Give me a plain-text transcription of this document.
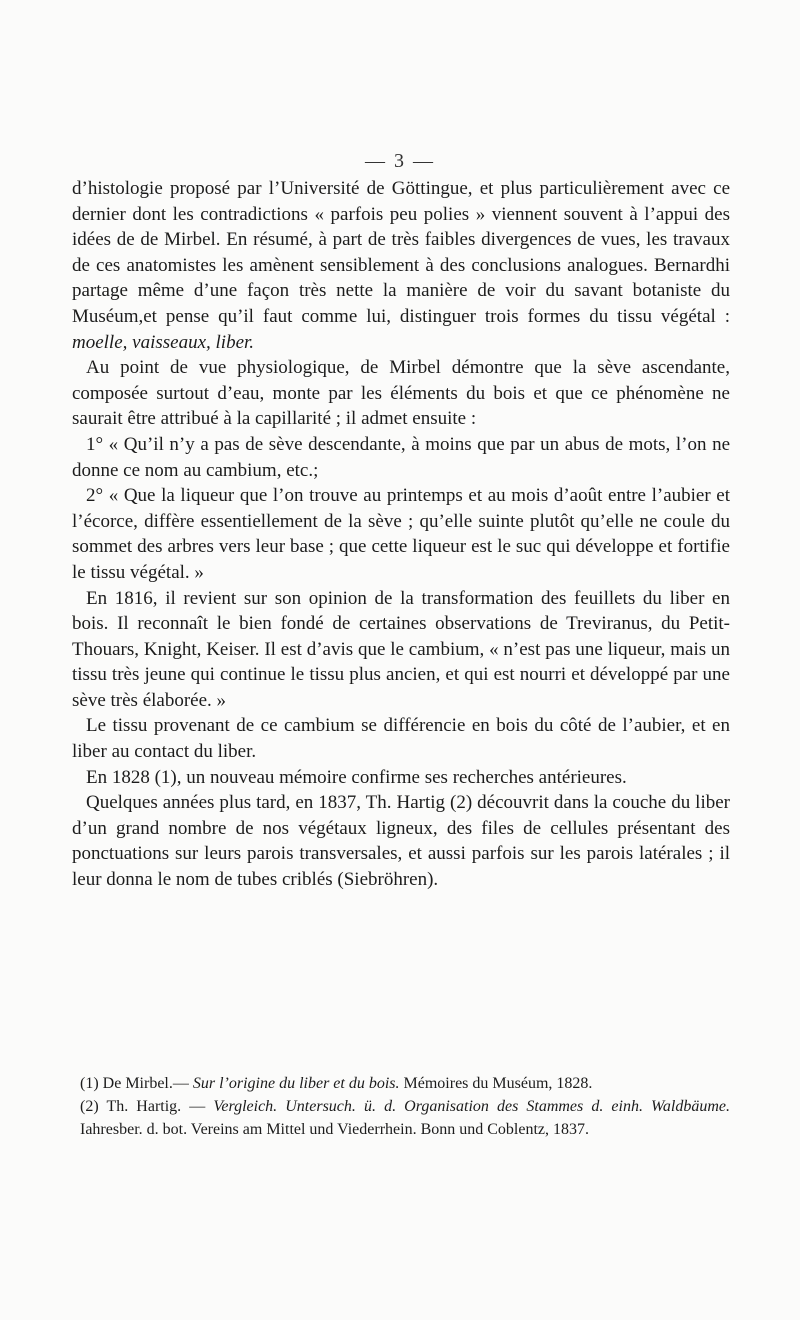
— 3 —

d’histologie proposé par l’Université de Göttingue, et plus particulièrement avec ce dernier dont les contradictions « parfois peu polies » viennent souvent à l’appui des idées de de Mirbel. En résumé, à part de très faibles divergences de vues, les travaux de ces anatomistes les amènent sensiblement à des conclusions analogues. Bernardhi partage même d’une façon très nette la manière de voir du savant botaniste du Muséum,et pense qu’il faut comme lui, distinguer trois formes du tissu végétal : moelle, vaisseaux, liber.

Au point de vue physiologique, de Mirbel démontre que la sève ascendante, composée surtout d’eau, monte par les éléments du bois et que ce phénomène ne saurait être attribué à la capillarité ; il admet ensuite :

1° « Qu’il n’y a pas de sève descendante, à moins que par un abus de mots, l’on ne donne ce nom au cambium, etc.;

2° « Que la liqueur que l’on trouve au printemps et au mois d’août entre l’aubier et l’écorce, diffère essentiellement de la sève ; qu’elle suinte plutôt qu’elle ne coule du sommet des arbres vers leur base ; que cette liqueur est le suc qui développe et fortifie le tissu végétal. »

En 1816, il revient sur son opinion de la transformation des feuillets du liber en bois. Il reconnaît le bien fondé de certaines observations de Treviranus, du Petit-Thouars, Knight, Keiser. Il est d’avis que le cambium, « n’est pas une liqueur, mais un tissu très jeune qui continue le tissu plus ancien, et qui est nourri et développé par une sève très élaborée. »

Le tissu provenant de ce cambium se différencie en bois du côté de l’aubier, et en liber au contact du liber.

En 1828 (1), un nouveau mémoire confirme ses recherches antérieures.

Quelques années plus tard, en 1837, Th. Hartig (2) découvrit dans la couche du liber d’un grand nombre de nos végétaux ligneux, des files de cellules présentant des ponctuations sur leurs parois transversales, et aussi parfois sur les parois latérales ; il leur donna le nom de tubes criblés (Siebröhren).

(1) De Mirbel.— Sur l’origine du liber et du bois. Mémoires du Muséum, 1828.

(2) Th. Hartig. — Vergleich. Untersuch. ü. d. Organisation des Stammes d. einh. Waldbäume. Iahresber. d. bot. Vereins am Mittel und Viederrhein. Bonn und Coblentz, 1837.
